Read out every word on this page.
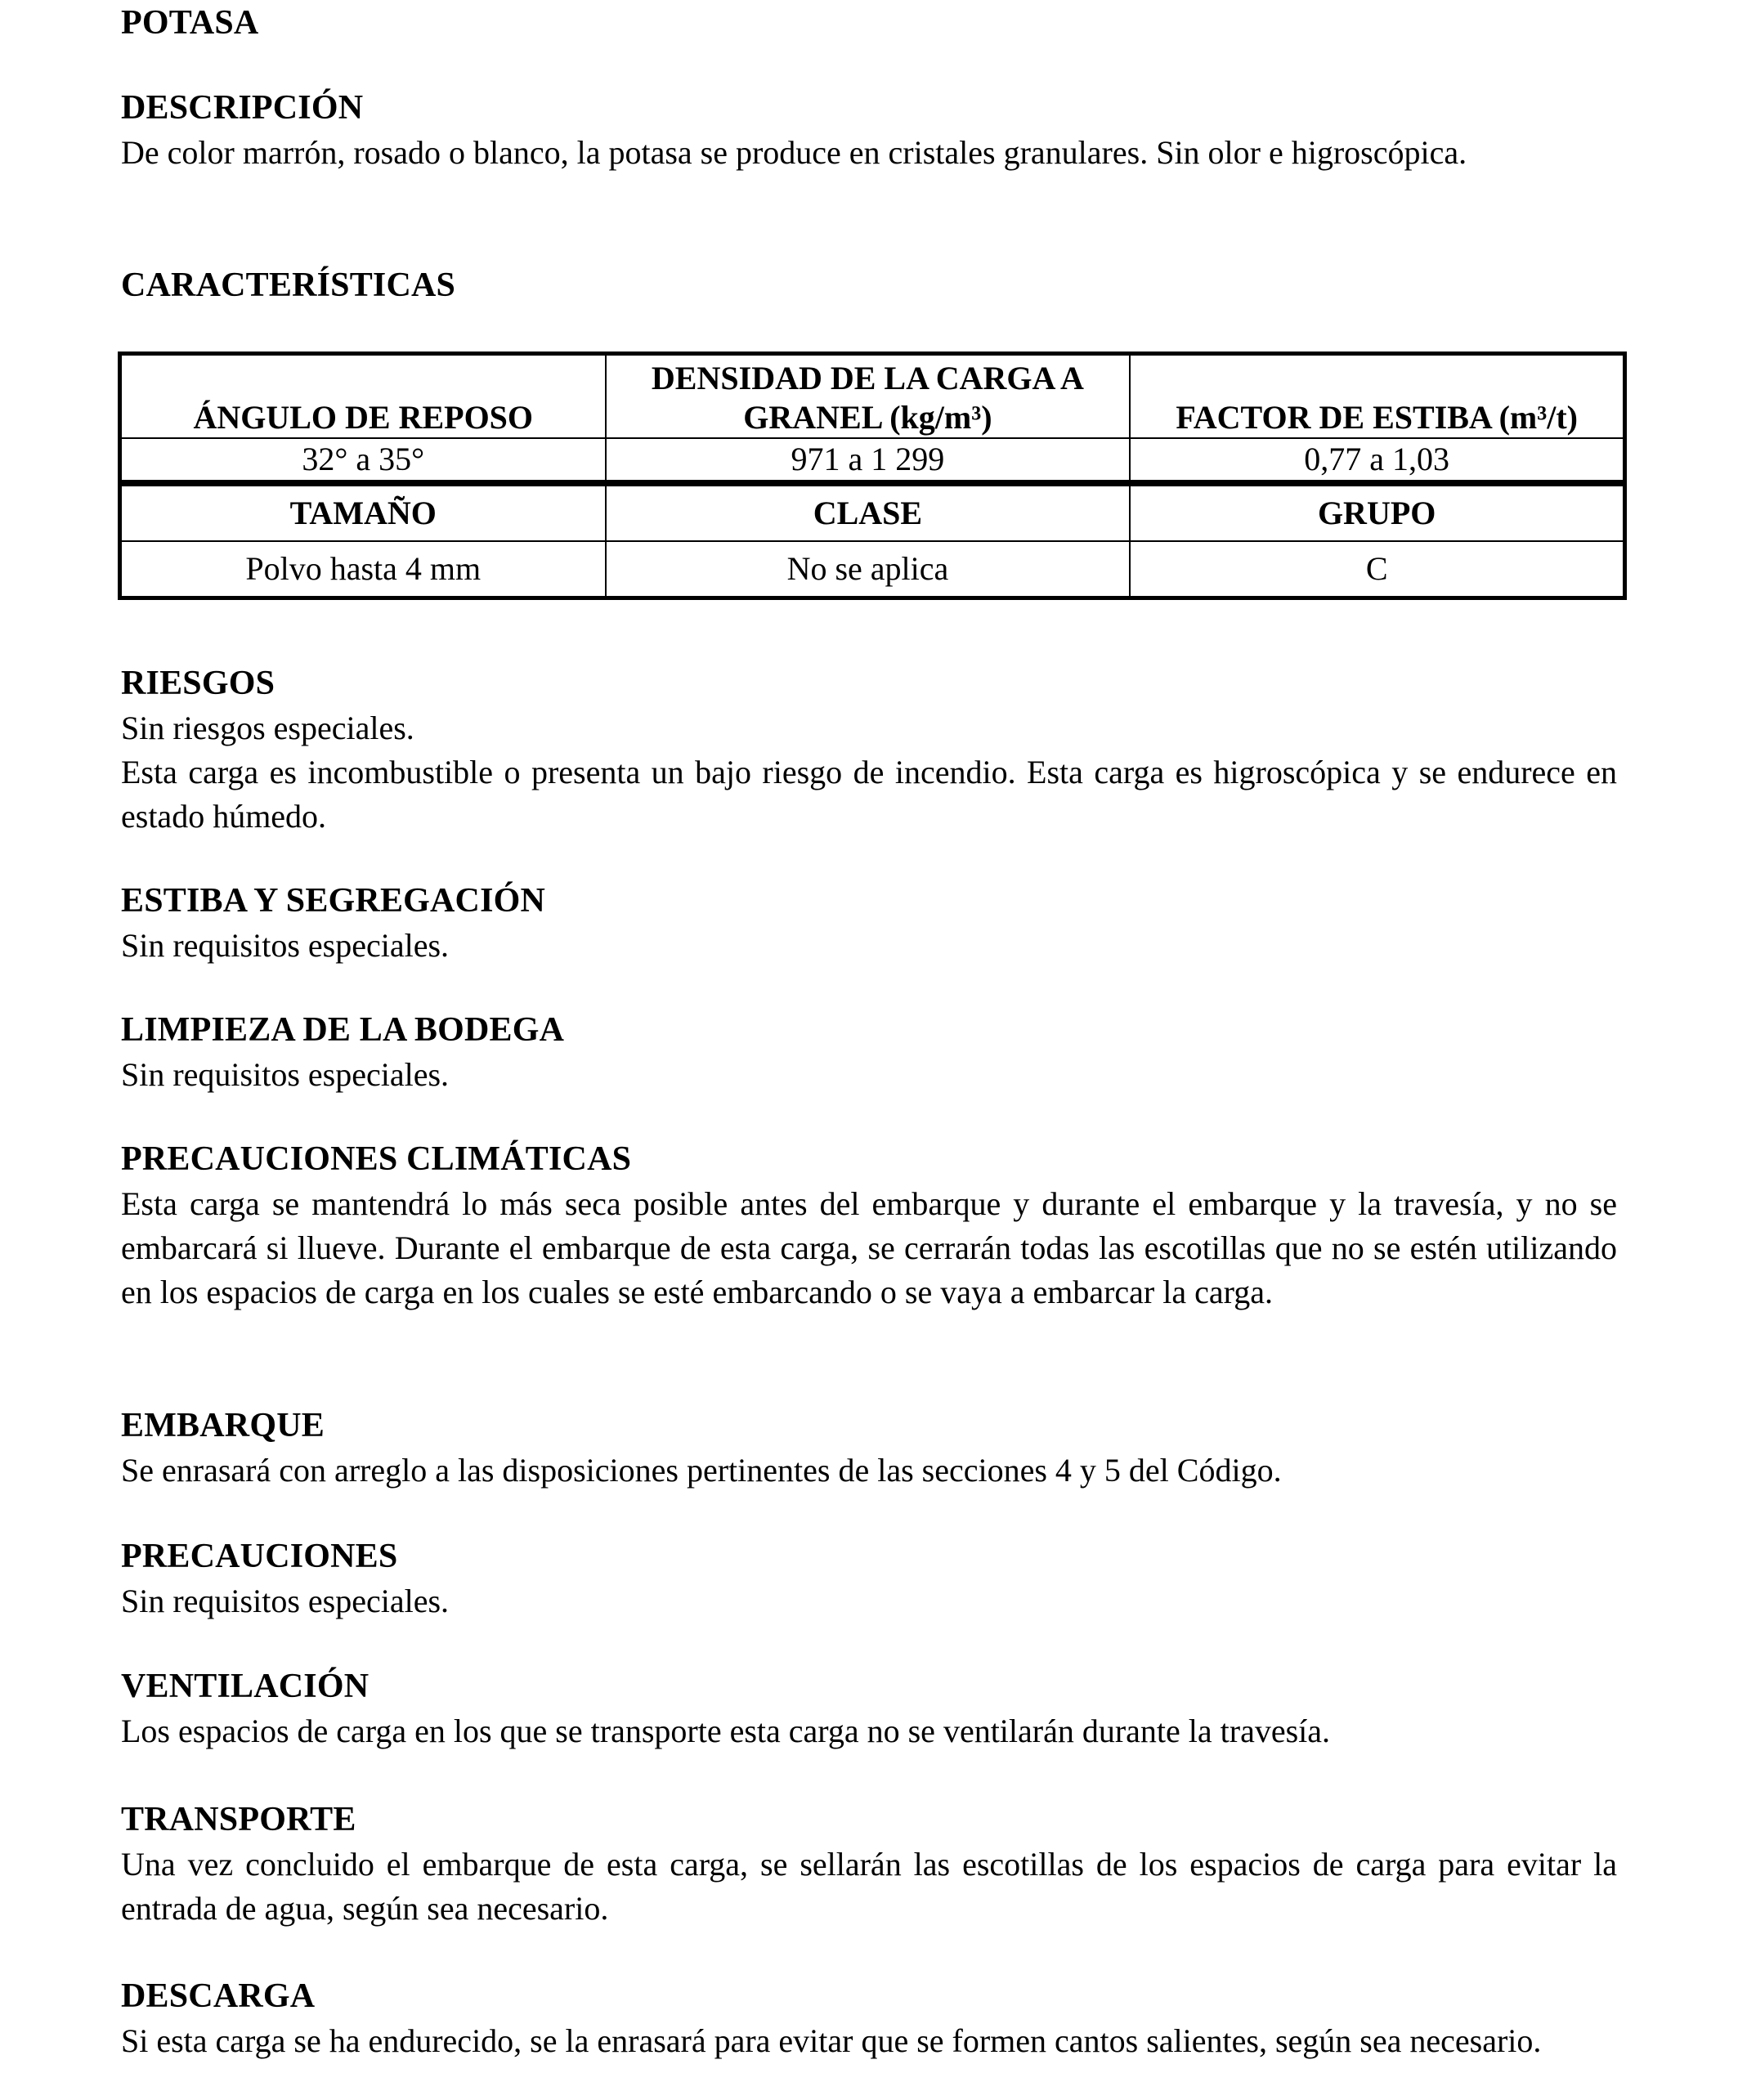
POTASA

DESCRIPCIÓN

De color marrón, rosado o blanco, la potasa se produce en cristales granulares. Sin olor e higroscópica.

CARACTERÍSTICAS

ÁNGULO DE REPOSO	DENSIDAD DE LA CARGA A GRANEL (kg/m³)	FACTOR DE ESTIBA (m³/t)
32° a 35°	971 a 1 299	0,77 a 1,03
TAMAÑO	CLASE	GRUPO
Polvo hasta 4 mm	No se aplica	C

RIESGOS

Sin riesgos especiales.

Esta carga es incombustible o presenta un bajo riesgo de incendio. Esta carga es higroscópica y se endurece en estado húmedo.

ESTIBA Y SEGREGACIÓN

Sin requisitos especiales.

LIMPIEZA DE LA BODEGA

Sin requisitos especiales.

PRECAUCIONES CLIMÁTICAS

Esta carga se mantendrá lo más seca posible antes del embarque y durante el embarque y la travesía, y no se embarcará si llueve. Durante el embarque de esta carga, se cerrarán todas las escotillas que no se estén utilizando en los espacios de carga en los cuales se esté embarcando o se vaya a embarcar la carga.

EMBARQUE

Se enrasará con arreglo a las disposiciones pertinentes de las secciones 4 y 5 del Código.

PRECAUCIONES

Sin requisitos especiales.

VENTILACIÓN

Los espacios de carga en los que se transporte esta carga no se ventilarán durante la travesía.

TRANSPORTE

Una vez concluido el embarque de esta carga, se sellarán las escotillas de los espacios de carga para evitar la entrada de agua, según sea necesario.

DESCARGA

Si esta carga se ha endurecido, se la enrasará para evitar que se formen cantos salientes, según sea necesario.
